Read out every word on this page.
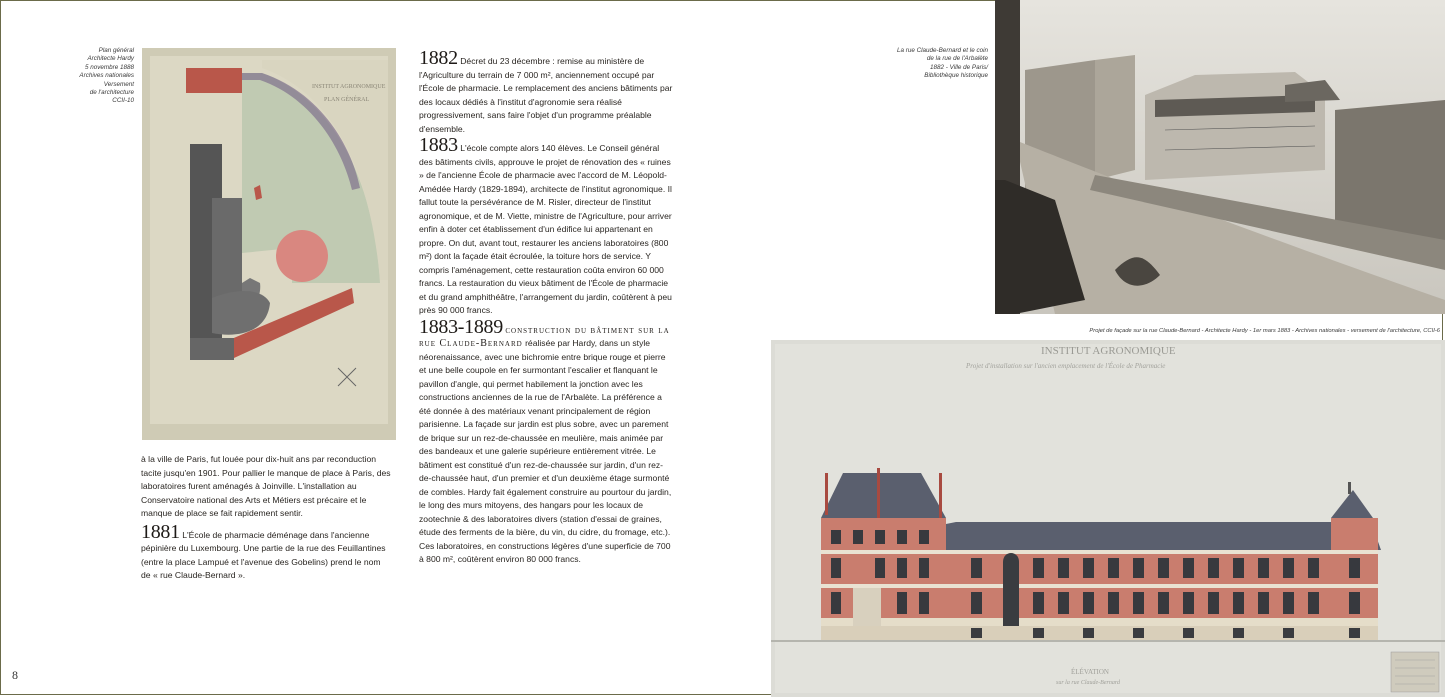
Plan général
Architecte Hardy
5 novembre 1888
Archives nationales
Versement
de l'architecture
CCII-10
INSTITUT AGRONOMIQUE
PLAN GÉNÉRAL

à la ville de Paris, fut louée pour dix-huit ans par reconduction tacite jusqu'en 1901. Pour pallier le manque de place à Paris, des laboratoires furent aménagés à Joinville. L'installation au Conservatoire national des Arts et Métiers est précaire et le manque de place se fait rapidement sentir.

1881 L'École de pharmacie déménage dans l'ancienne pépinière du Luxembourg. Une partie de la rue des Feuillantines (entre la place Lampué et l'avenue des Gobelins) prend le nom de « rue Claude-Bernard ».

1882 Décret du 23 décembre : remise au ministère de l'Agriculture du terrain de 7 000 m², anciennement occupé par l'École de pharmacie. Le remplacement des anciens bâtiments par des locaux dédiés à l'institut d'agronomie sera réalisé progressivement, sans faire l'objet d'un programme préalable d'ensemble.

1883 L'école compte alors 140 élèves. Le Conseil général des bâtiments civils, approuve le projet de rénovation des « ruines » de l'ancienne École de pharmacie avec l'accord de M. Léopold-Amédée Hardy (1829-1894), architecte de l'institut agronomique. Il fallut toute la persévérance de M. Risler, directeur de l'institut agronomique, et de M. Viette, ministre de l'Agriculture, pour arriver enfin à doter cet établissement d'un édifice lui appartenant en propre. On dut, avant tout, restaurer les anciens laboratoires (800 m²) dont la façade était écroulée, la toiture hors de service. Y compris l'aménagement, cette restauration coûta environ 60 000 francs. La restauration du vieux bâtiment de l'École de pharmacie et du grand amphithéâtre, l'arrangement du jardin, coûtèrent à peu près 90 000 francs.

1883-1889 construction du bâtiment sur la rue Claude-Bernard réalisée par Hardy, dans un style néorenaissance, avec une bichromie entre brique rouge et pierre et une belle coupole en fer surmontant l'escalier et flanquant le pavillon d'angle, qui permet habilement la jonction avec les constructions anciennes de la rue de l'Arbalète. La préférence a été donnée à des matériaux venant principalement de région parisienne. La façade sur jardin est plus sobre, avec un parement de brique sur un rez-de-chaussée en meulière, mais animée par des bandeaux et une galerie supérieure entièrement vitrée. Le bâtiment est constitué d'un rez-de-chaussée sur jardin, d'un rez-de-chaussée haut, d'un premier et d'un deuxième étage surmonté de combles. Hardy fait également construire au pourtour du jardin, le long des murs mitoyens, des hangars pour les locaux de zootechnie & des laboratoires divers (station d'essai de graines, étude des ferments de la bière, du vin, du cidre, du fromage, etc.). Ces laboratoires, en constructions légères d'une superficie de 700 à 800 m², coûtèrent environ 80 000 francs.

La rue Claude-Bernard et le coin
de la rue de l'Arbalète
1882 - Ville de Paris/
Bibliothèque historique
Projet de façade sur la rue Claude-Bernard - Architecte Hardy - 1er mars 1883 - Archives nationales - versement de l'architecture, CCII-6
INSTITUT AGRONOMIQUE
Projet d'installation sur l'ancien emplacement de l'École de Pharmacie
ÉLÉVATION
sur la rue Claude-Bernard
8
